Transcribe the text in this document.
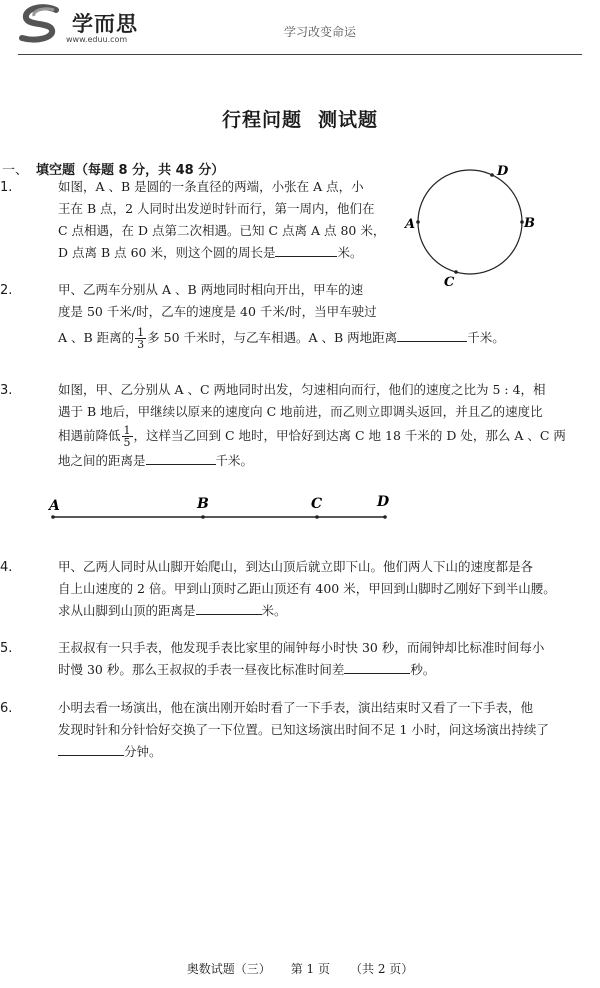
学而思
www.eduu.com
学习改变命运
行程问题 测试题
一、 填空题（每题 8 分，共 48 分）
1.	如图，A 、B 是圆的一条直径的两端，小张在 A 点，小
王在 B 点，2 人同时出发逆时针而行，第一周内，他们在
C 点相遇，在 D 点第二次相遇。已知 C 点离 A 点 80 米，
D 点离 B 点 60 米，则这个圆的周长是	米。
A	B
C
D
2.	甲、乙两车分别从 A 、B 两地同时相向开出，甲车的速
度是 50 千米/时，乙车的速度是 40 千米/时，当甲车驶过
A 、B 距离的 $\frac{1}{3}$ 多 50 千米时，与乙车相遇。A 、B 两地距离	千米。
3.	如图，甲、乙分别从 A 、C 两地同时出发，匀速相向而行，他们的速度之比为 5 : 4，相
遇于 B 地后，甲继续以原来的速度向 C 地前进，而乙则立即调头返回，并且乙的速度比
相遇前降低 $\frac{1}{5}$ ，这样当乙回到 C 地时，甲恰好到达离 C 地 18 千米的 D 处，那么 A 、C 两
地之间的距离是	千米。
A	B	C	D
4.	甲、乙两人同时从山脚开始爬山，到达山顶后就立即下山。他们两人下山的速度都是各
自上山速度的 2 倍。甲到山顶时乙距山顶还有 400 米，甲回到山脚时乙刚好下到半山腰。
求从山脚到山顶的距离是	米。
5.	王叔叔有一只手表，他发现手表比家里的闹钟每小时快 30 秒，而闹钟却比标准时间每小
时慢 30 秒。那么王叔叔的手表一昼夜比标准时间差	秒。
6.	小明去看一场演出，他在演出刚开始时看了一下手表，演出结束时又看了一下手表，他
发现时针和分针恰好交换了一下位置。已知这场演出时间不足 1 小时，问这场演出持续了
分钟。
奥数试题（三） 第 1 页 （共 2 页）
